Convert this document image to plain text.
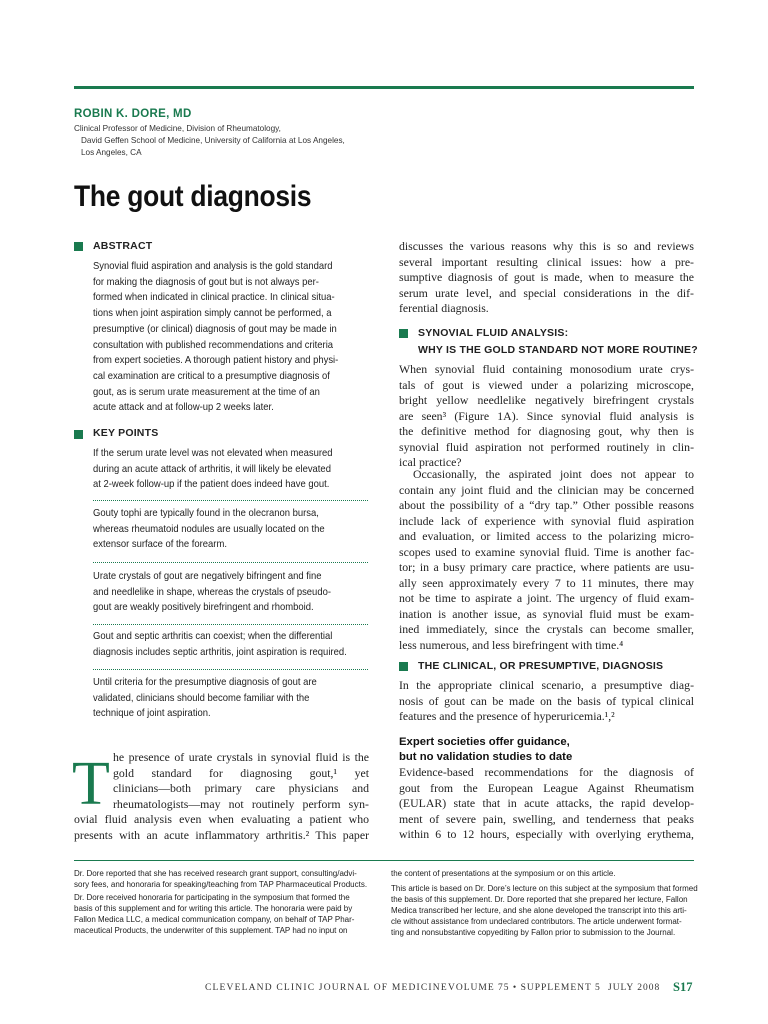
ROBIN K. DORE, MD
Clinical Professor of Medicine, Division of Rheumatology,
David Geffen School of Medicine, University of California at Los Angeles,
Los Angeles, CA
The gout diagnosis
ABSTRACT
Synovial fluid aspiration and analysis is the gold standard
for making the diagnosis of gout but is not always per-
formed when indicated in clinical practice. In clinical situa-
tions when joint aspiration simply cannot be performed, a
presumptive (or clinical) diagnosis of gout may be made in
consultation with published recommendations and criteria
from expert societies. A thorough patient history and physi-
cal examination are critical to a presumptive diagnosis of
gout, as is serum urate measurement at the time of an
acute attack and at follow-up 2 weeks later.
KEY POINTS
If the serum urate level was not elevated when measured
during an acute attack of arthritis, it will likely be elevated
at 2-week follow-up if the patient does indeed have gout.
Gouty tophi are typically found in the olecranon bursa,
whereas rheumatoid nodules are usually located on the
extensor surface of the forearm.
Urate crystals of gout are negatively bifringent and fine
and needlelike in shape, whereas the crystals of pseudo-
gout are weakly positively birefringent and rhomboid.
Gout and septic arthritis can coexist; when the differential
diagnosis includes septic arthritis, joint aspiration is required.
Until criteria for the presumptive diagnosis of gout are
validated, clinicians should become familiar with the
technique of joint aspiration.
T he presence of urate crystals in synovial fluid is the
gold standard for diagnosing gout,¹ yet
clinicians—both primary care physicians and
rheumatologists—may not routinely perform syn-
ovial fluid analysis even when evaluating a patient who
presents with an acute inflammatory arthritis.² This paper
discusses the various reasons why this is so and reviews
several important resulting clinical issues: how a pre-
sumptive diagnosis of gout is made, when to measure the
serum urate level, and special considerations in the dif-
ferential diagnosis.
SYNOVIAL FLUID ANALYSIS:
WHY IS THE GOLD STANDARD NOT MORE ROUTINE?
When synovial fluid containing monosodium urate crys-
tals of gout is viewed under a polarizing microscope,
bright yellow needlelike negatively birefringent crystals
are seen³ (Figure 1A). Since synovial fluid analysis is
the definitive method for diagnosing gout, why then is
synovial fluid aspiration not performed routinely in clin-
ical practice?
Occasionally, the aspirated joint does not appear to
contain any joint fluid and the clinician may be concerned
about the possibility of a “dry tap.” Other possible reasons
include lack of experience with synovial fluid aspiration
and evaluation, or limited access to the polarizing micro-
scopes used to examine synovial fluid. Time is another fac-
tor; in a busy primary care practice, where patients are usu-
ally seen approximately every 7 to 11 minutes, there may
not be time to aspirate a joint. The urgency of fluid exam-
ination is another issue, as synovial fluid must be exam-
ined immediately, since the crystals can become smaller,
less numerous, and less birefringent with time.⁴
THE CLINICAL, OR PRESUMPTIVE, DIAGNOSIS
In the appropriate clinical scenario, a presumptive diag-
nosis of gout can be made on the basis of typical clinical
features and the presence of hyperuricemia.¹,²
Expert societies offer guidance,
but no validation studies to date
Evidence-based recommendations for the diagnosis of
gout from the European League Against Rheumatism
(EULAR) state that in acute attacks, the rapid develop-
ment of severe pain, swelling, and tenderness that peaks
within 6 to 12 hours, especially with overlying erythema,
Dr. Dore reported that she has received research grant support, consulting/advi-
sory fees, and honoraria for speaking/teaching from TAP Pharmaceutical Products.
Dr. Dore received honoraria for participating in the symposium that formed the
basis of this supplement and for writing this article. The honoraria were paid by
Fallon Medica LLC, a medical communication company, on behalf of TAP Phar-
maceutical Products, the underwriter of this supplement. TAP had no input on
the content of presentations at the symposium or on this article.
This article is based on Dr. Dore’s lecture on this subject at the symposium that formed
the basis of this supplement. Dr. Dore reported that she prepared her lecture, Fallon
Medica transcribed her lecture, and she alone developed the transcript into this arti-
cle without assistance from undeclared contributors. The article underwent format-
ting and nonsubstantive copyediting by Fallon prior to submission to the Journal.
CLEVELAND CLINIC JOURNAL OF MEDICINE VOLUME 75 • SUPPLEMENT 5 JULY 2008 S17
